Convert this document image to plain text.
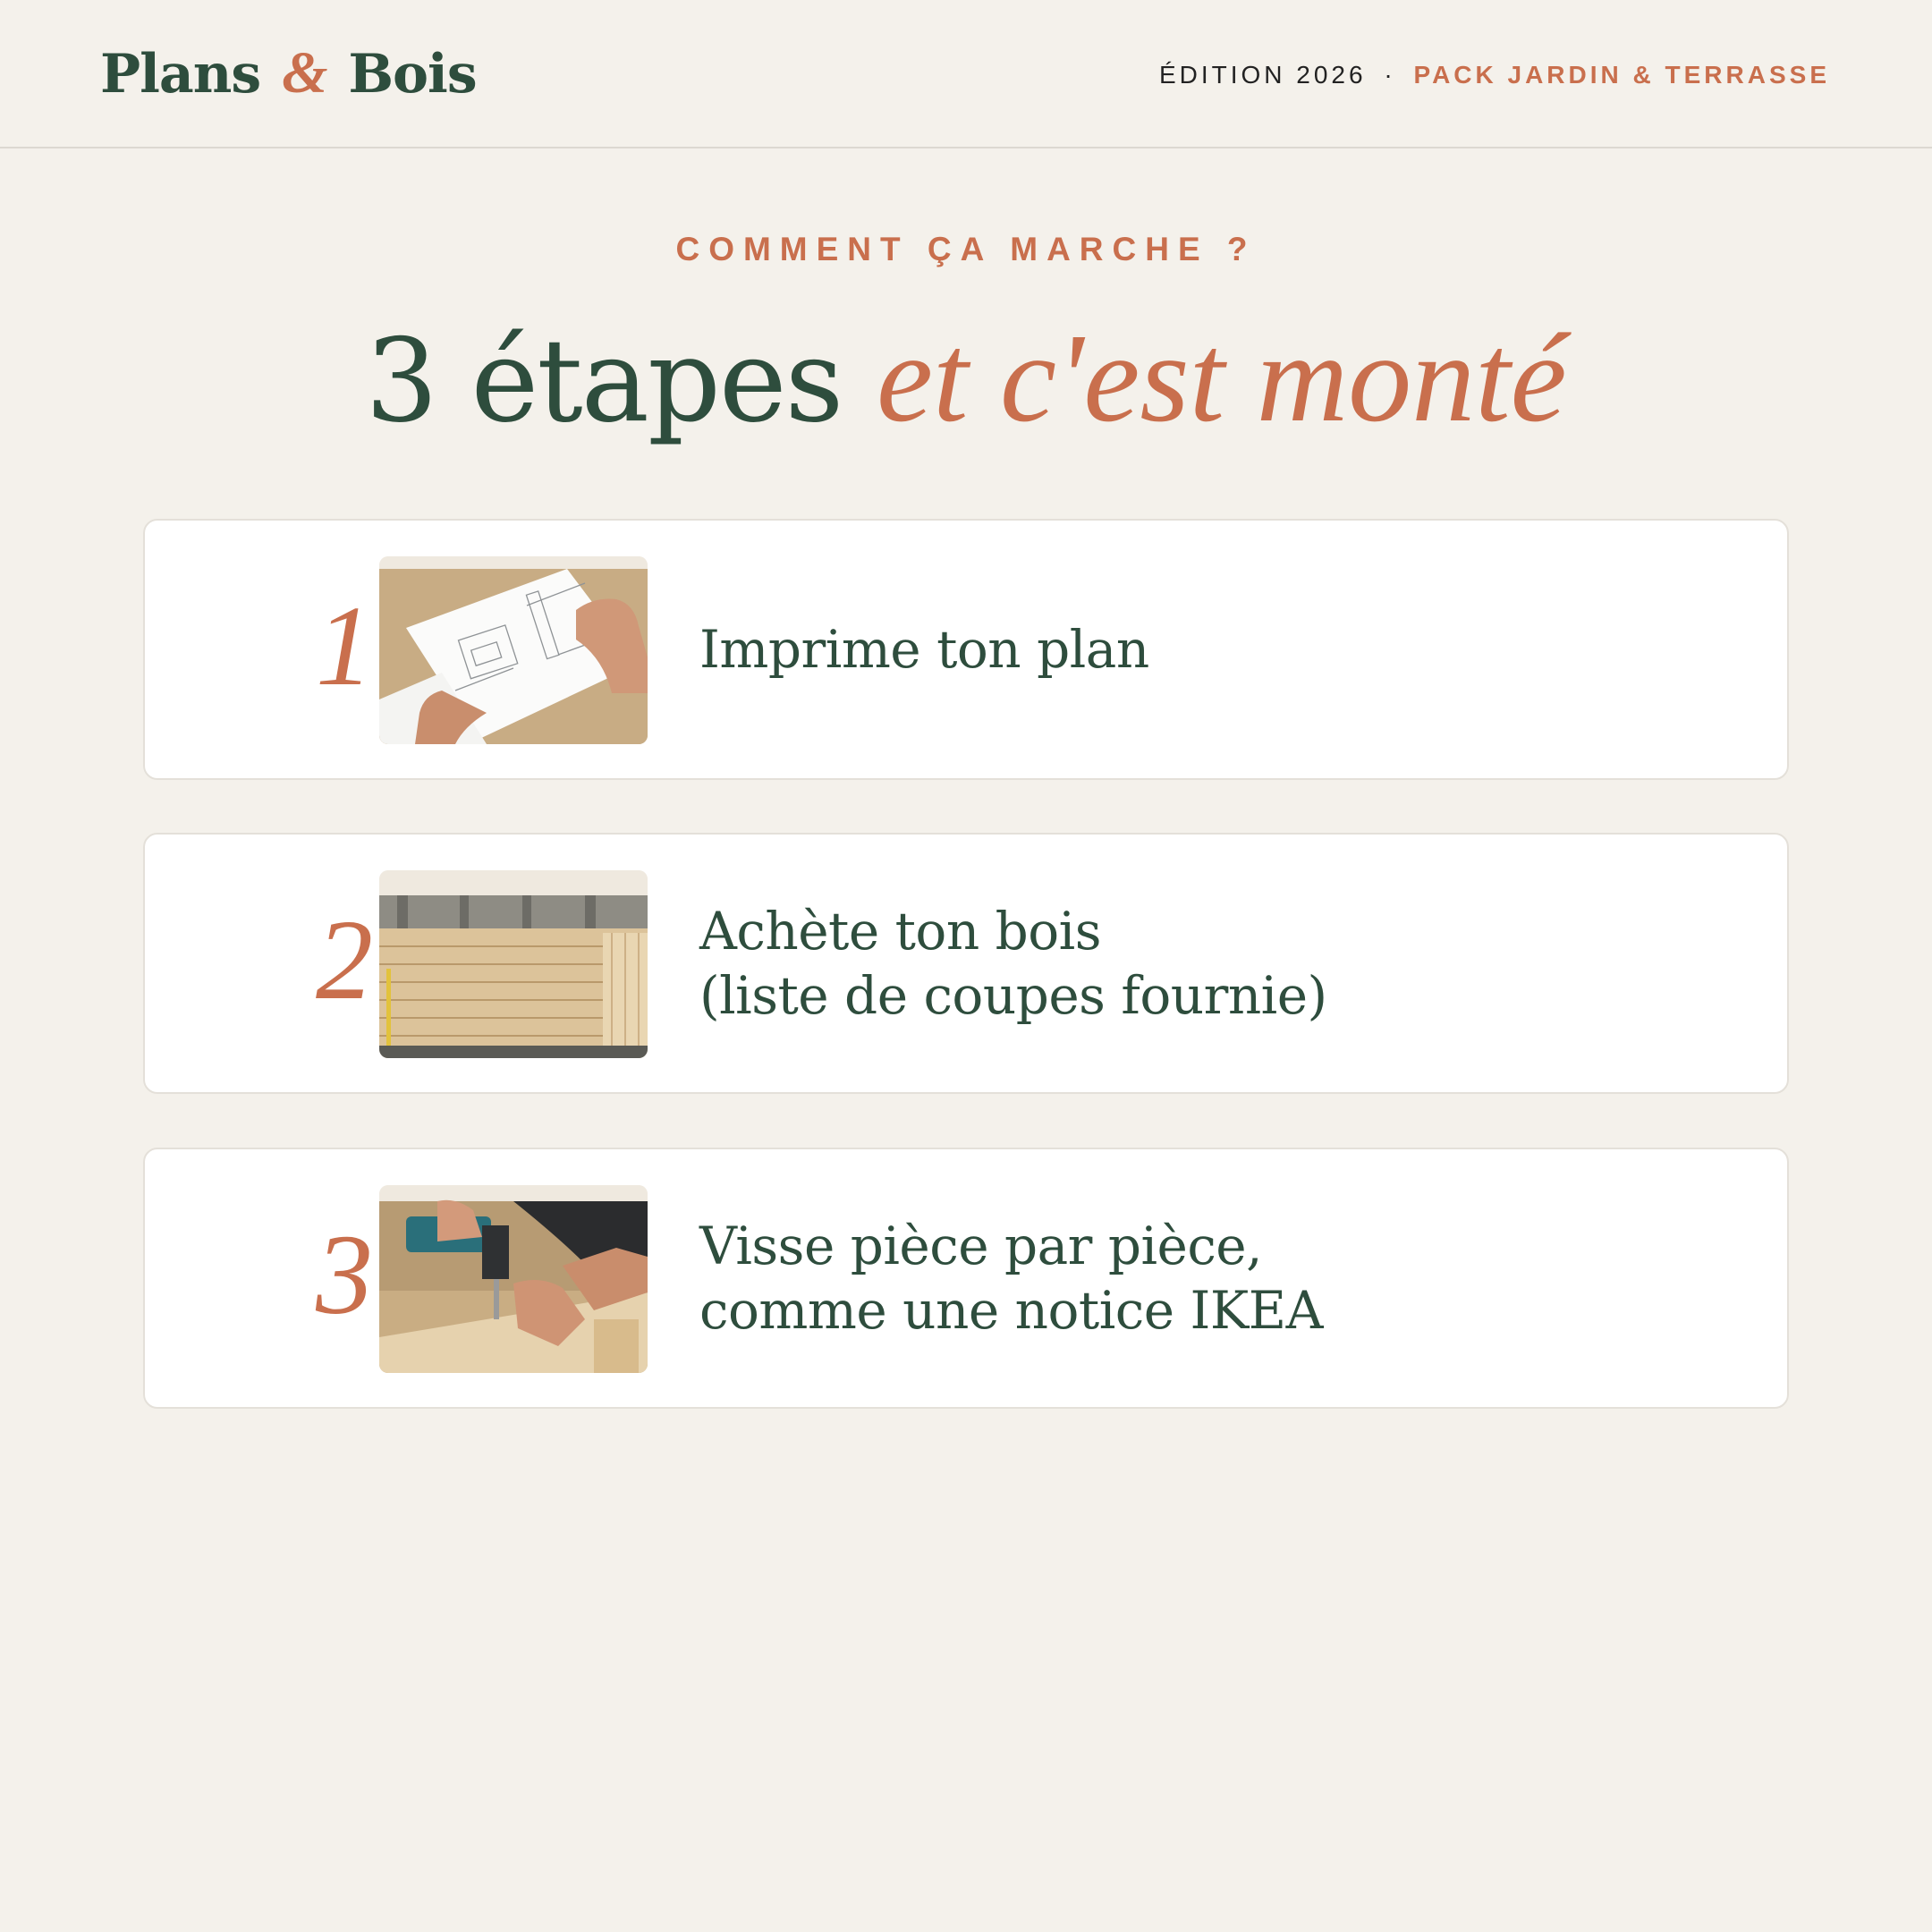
Plans & Bois	ÉDITION 2026 · PACK JARDIN & TERRASSE
COMMENT ÇA MARCHE ?
3 étapes et c'est monté
1	Imprime ton plan
2	Achète ton bois
(liste de coupes fournie)
3	Visse pièce par pièce,
comme une notice IKEA
